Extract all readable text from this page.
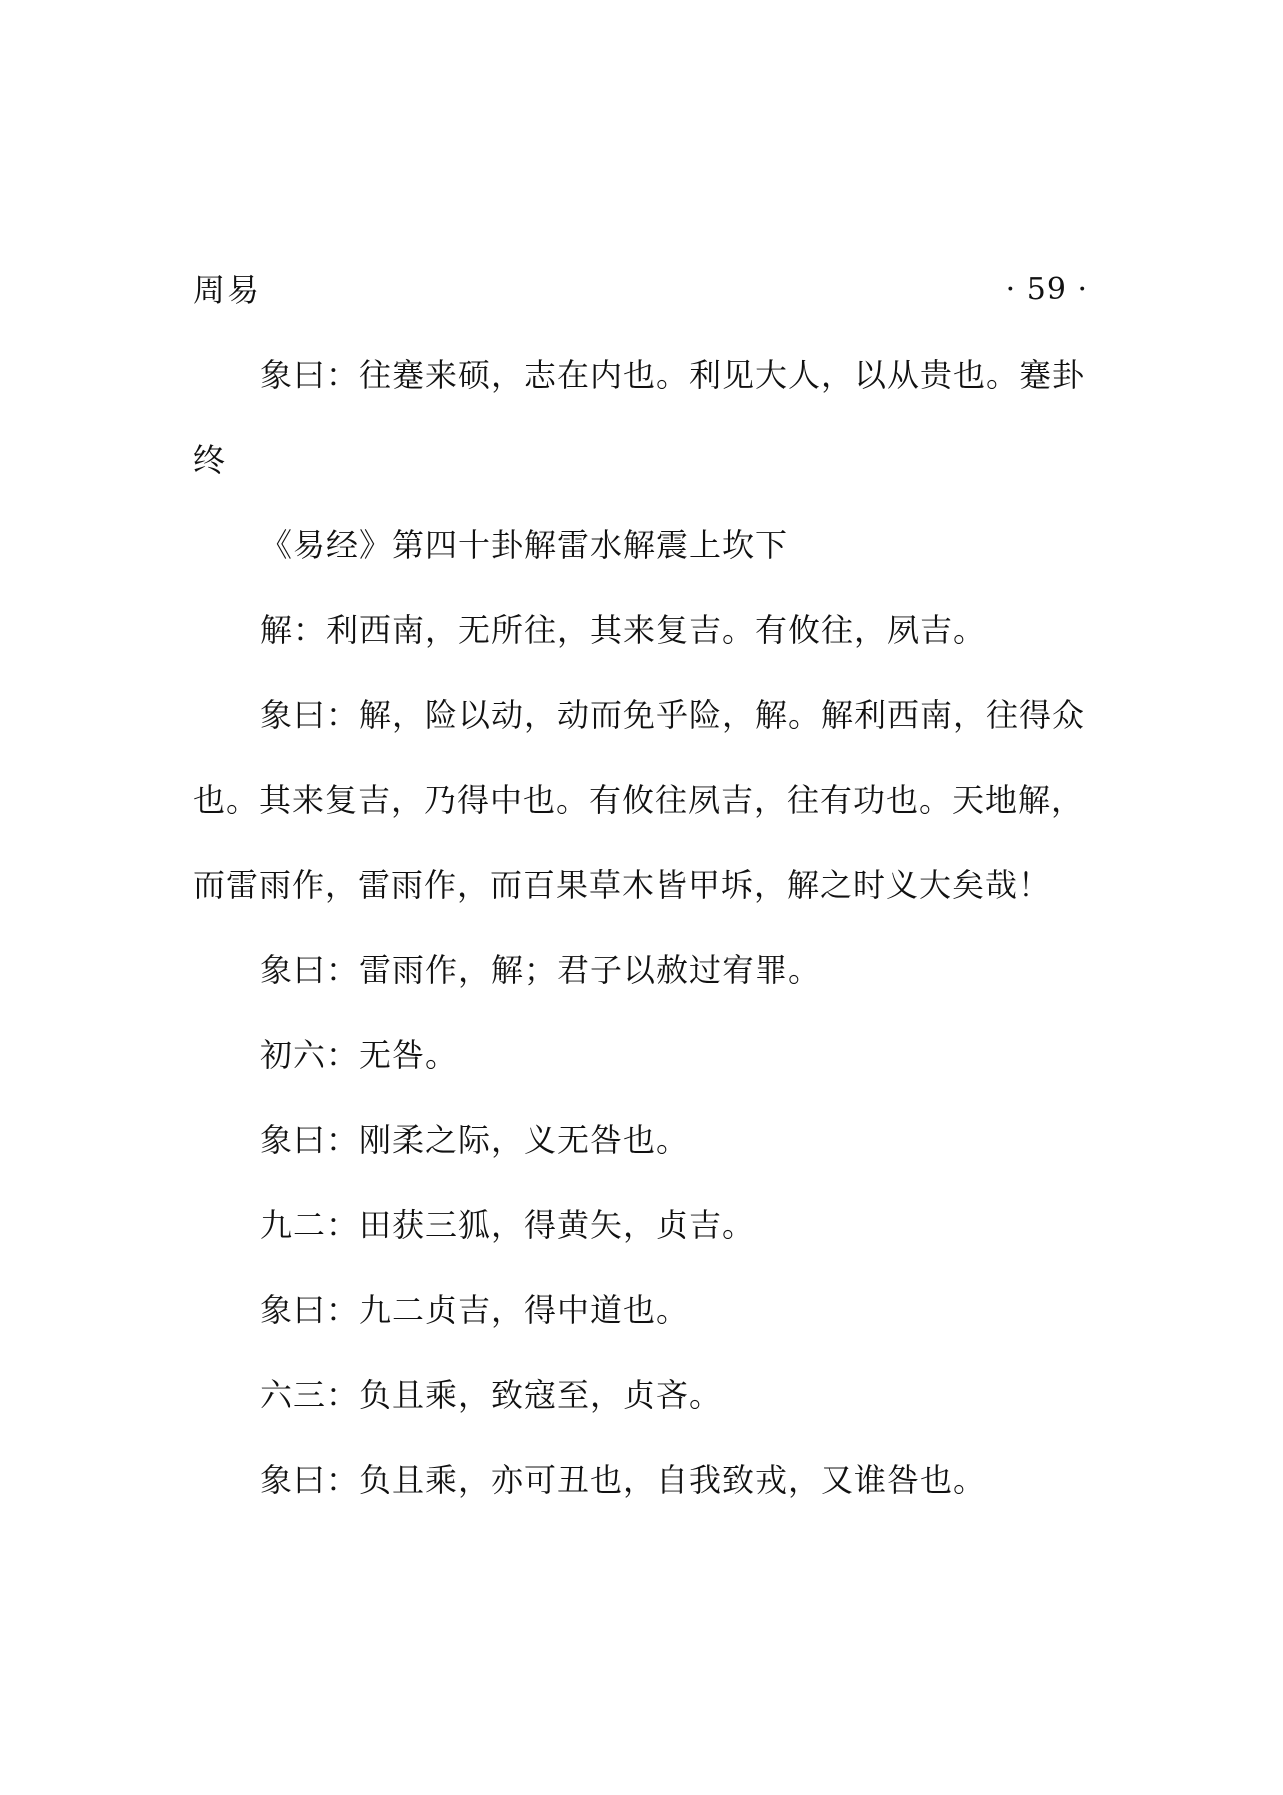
周易	· 59 ·
象曰：往蹇来硕，志在内也。利见大人，以从贵也。蹇卦
终
《易经》第四十卦解雷水解震上坎下
解：利西南，无所往，其来复吉。有攸往，夙吉。
象曰：解，险以动，动而免乎险，解。解利西南，往得众
也。其来复吉，乃得中也。有攸往夙吉，往有功也。天地解，
而雷雨作，雷雨作，而百果草木皆甲坼，解之时义大矣哉！
象曰：雷雨作，解；君子以赦过宥罪。
初六：无咎。
象曰：刚柔之际，义无咎也。
九二：田获三狐，得黄矢，贞吉。
象曰：九二贞吉，得中道也。
六三：负且乘，致寇至，贞吝。
象曰：负且乘，亦可丑也，自我致戎，又谁咎也。
